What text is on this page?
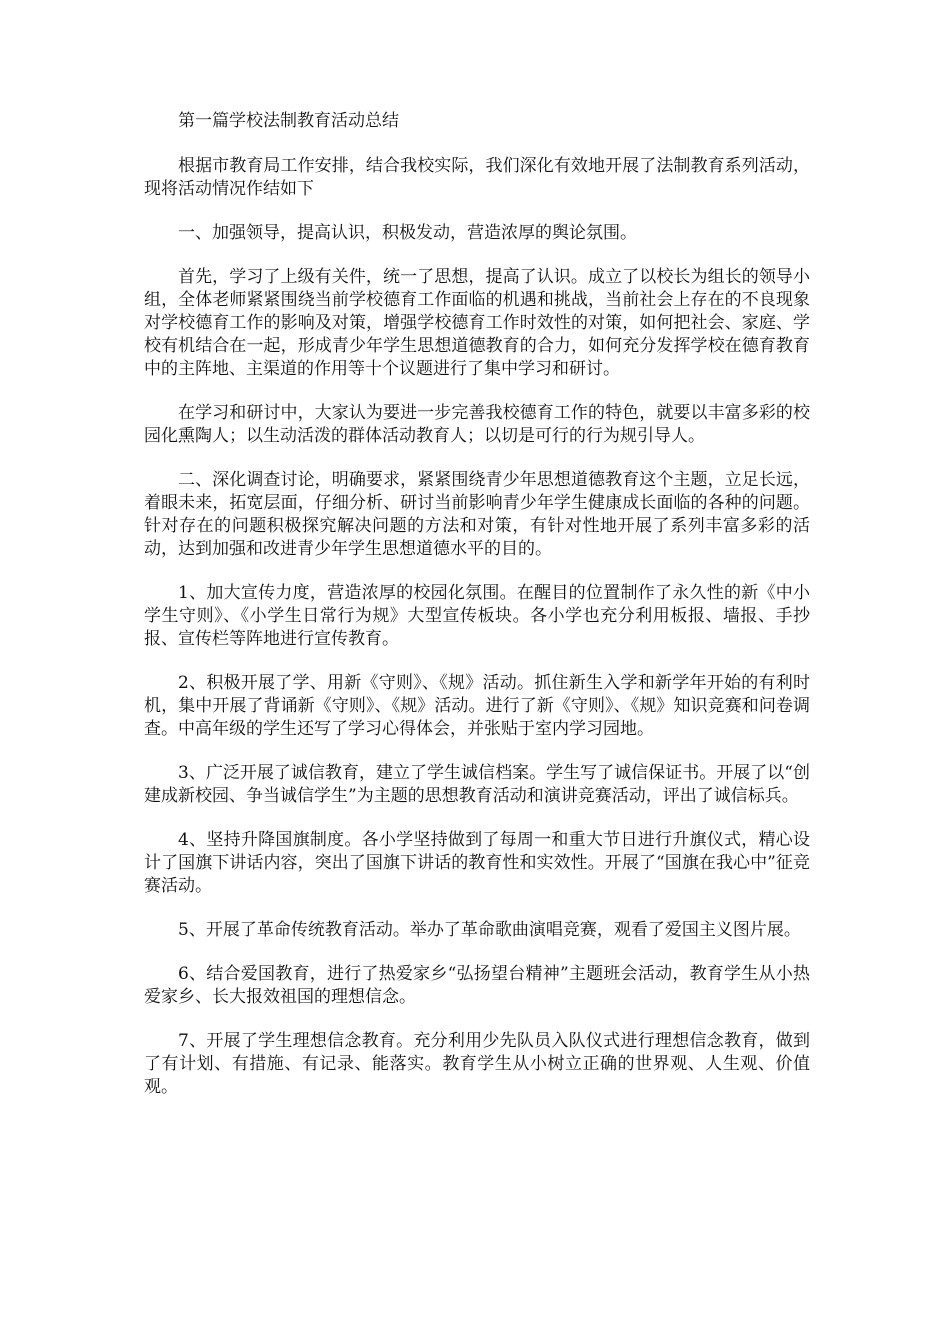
第一篇学校法制教育活动总结

根据市教育局工作安排，结合我校实际，我们深化有效地开展了法制教育系列活动，现将活动情况作结如下

一、加强领导，提高认识，积极发动，营造浓厚的舆论氛围。

首先，学习了上级有关件，统一了思想，提高了认识。成立了以校长为组长的领导小组，全体老师紧紧围绕当前学校德育工作面临的机遇和挑战，当前社会上存在的不良现象对学校德育工作的影响及对策，增强学校德育工作时效性的对策，如何把社会、家庭、学校有机结合在一起，形成青少年学生思想道德教育的合力，如何充分发挥学校在德育教育中的主阵地、主渠道的作用等十个议题进行了集中学习和研讨。

在学习和研讨中，大家认为要进一步完善我校德育工作的特色，就要以丰富多彩的校园化熏陶人；以生动活泼的群体活动教育人；以切是可行的行为规引导人。

二、深化调查讨论，明确要求，紧紧围绕青少年思想道德教育这个主题，立足长远，着眼未来，拓宽层面，仔细分析、研讨当前影响青少年学生健康成长面临的各种的问题。针对存在的问题积极探究解决问题的方法和对策，有针对性地开展了系列丰富多彩的活动，达到加强和改进青少年学生思想道德水平的目的。

1、加大宣传力度，营造浓厚的校园化氛围。在醒目的位置制作了永久性的新《中小学生守则》、《小学生日常行为规》大型宣传板块。各小学也充分利用板报、墙报、手抄报、宣传栏等阵地进行宣传教育。

2、积极开展了学、用新《守则》、《规》活动。抓住新生入学和新学年开始的有利时机，集中开展了背诵新《守则》、《规》活动。进行了新《守则》、《规》知识竞赛和问卷调查。中高年级的学生还写了学习心得体会，并张贴于室内学习园地。

3、广泛开展了诚信教育，建立了学生诚信档案。学生写了诚信保证书。开展了以“创建成新校园、争当诚信学生”为主题的思想教育活动和演讲竞赛活动，评出了诚信标兵。

4、坚持升降国旗制度。各小学坚持做到了每周一和重大节日进行升旗仪式，精心设计了国旗下讲话内容，突出了国旗下讲话的教育性和实效性。开展了“国旗在我心中”征竞赛活动。

5、开展了革命传统教育活动。举办了革命歌曲演唱竞赛，观看了爱国主义图片展。

6、结合爱国教育，进行了热爱家乡“弘扬望台精神”主题班会活动，教育学生从小热爱家乡、长大报效祖国的理想信念。

7、开展了学生理想信念教育。充分利用少先队员入队仪式进行理想信念教育，做到了有计划、有措施、有记录、能落实。教育学生从小树立正确的世界观、人生观、价值观。
